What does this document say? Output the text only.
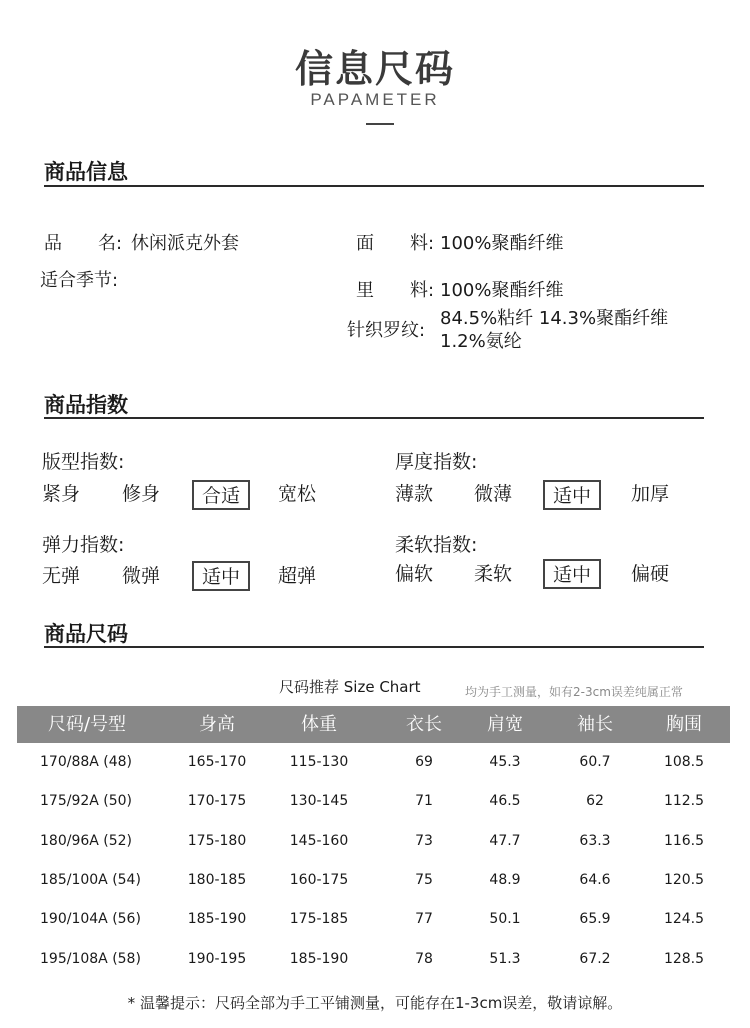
信息尺码
PAPAMETER
商品信息
品　　名: 休闲派克外套
适合季节:
面　　料: 100%聚酯纤维
里　　料: 100%聚酯纤维
针织罗纹:
84.5%粘纤 14.3%聚酯纤维
1.2%氨纶
商品指数
版型指数:
紧身 修身	合适	宽松
厚度指数:
薄款 微薄	适中	加厚
弹力指数:
无弹 微弹	适中	超弹
柔软指数:
偏软 柔软	适中	偏硬
商品尺码
尺码推荐 Size Chart	均为手工测量，如有2-3cm误差纯属正常
尺码/号型	身高	体重	衣长	肩宽	袖长	胸围
170/88A (48)	165-170	115-130	69	45.3	60.7	108.5
175/92A (50)	170-175	130-145	71	46.5	62	112.5
180/96A (52)	175-180	145-160	73	47.7	63.3	116.5
185/100A (54)	180-185	160-175	75	48.9	64.6	120.5
190/104A (56)	185-190	175-185	77	50.1	65.9	124.5
195/108A (58)	190-195	185-190	78	51.3	67.2	128.5
* 温馨提示：尺码全部为手工平铺测量，可能存在1-3cm误差，敬请谅解。
